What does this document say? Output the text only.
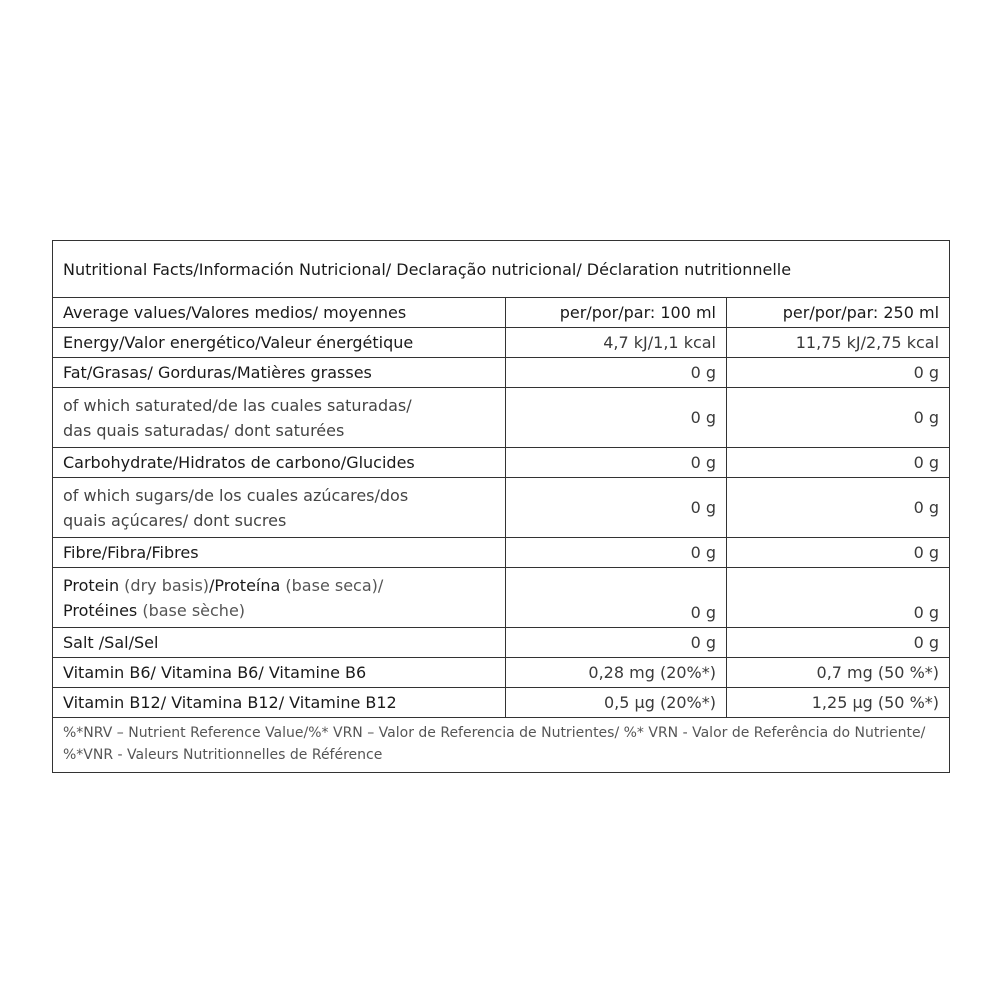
Nutritional Facts/Información Nutricional/ Declaração nutricional/ Déclaration nutritionnelle		
Average values/Valores medios/ moyennes	per/por/par: 100 ml	per/por/par: 250 ml
Energy/Valor energético/Valeur énergétique	4,7 kJ/1,1 kcal	11,75 kJ/2,75 kcal
Fat/Grasas/ Gorduras/Matières grasses	0 g	0 g

of which saturated/de las cuales saturadas/
das quais saturadas/ dont saturées	0 g	0 g
Carbohydrate/Hidratos de carbono/Glucides	0 g	0 g

of which sugars/de los cuales azúcares/dos
quais açúcares/ dont sucres	0 g	0 g
Fibre/Fibra/Fibres	0 g	0 g

Protein (dry basis)/Proteína (base seca)/
Protéines (base sèche)	0 g	0 g
Salt /Sal/Sel	0 g	0 g
Vitamin B6/ Vitamina B6/ Vitamine B6	0,28 mg (20%*)	0,7 mg (50 %*)
Vitamin B12/ Vitamina B12/ Vitamine B12	0,5 µg (20%*)	1,25 µg (50 %*)
%*NRV – Nutrient Reference Value/%* VRN – Valor de Referencia de Nutrientes/ %* VRN - Valor de Referência do Nutriente/ %*VNR - Valeurs Nutritionnelles de Référence		
